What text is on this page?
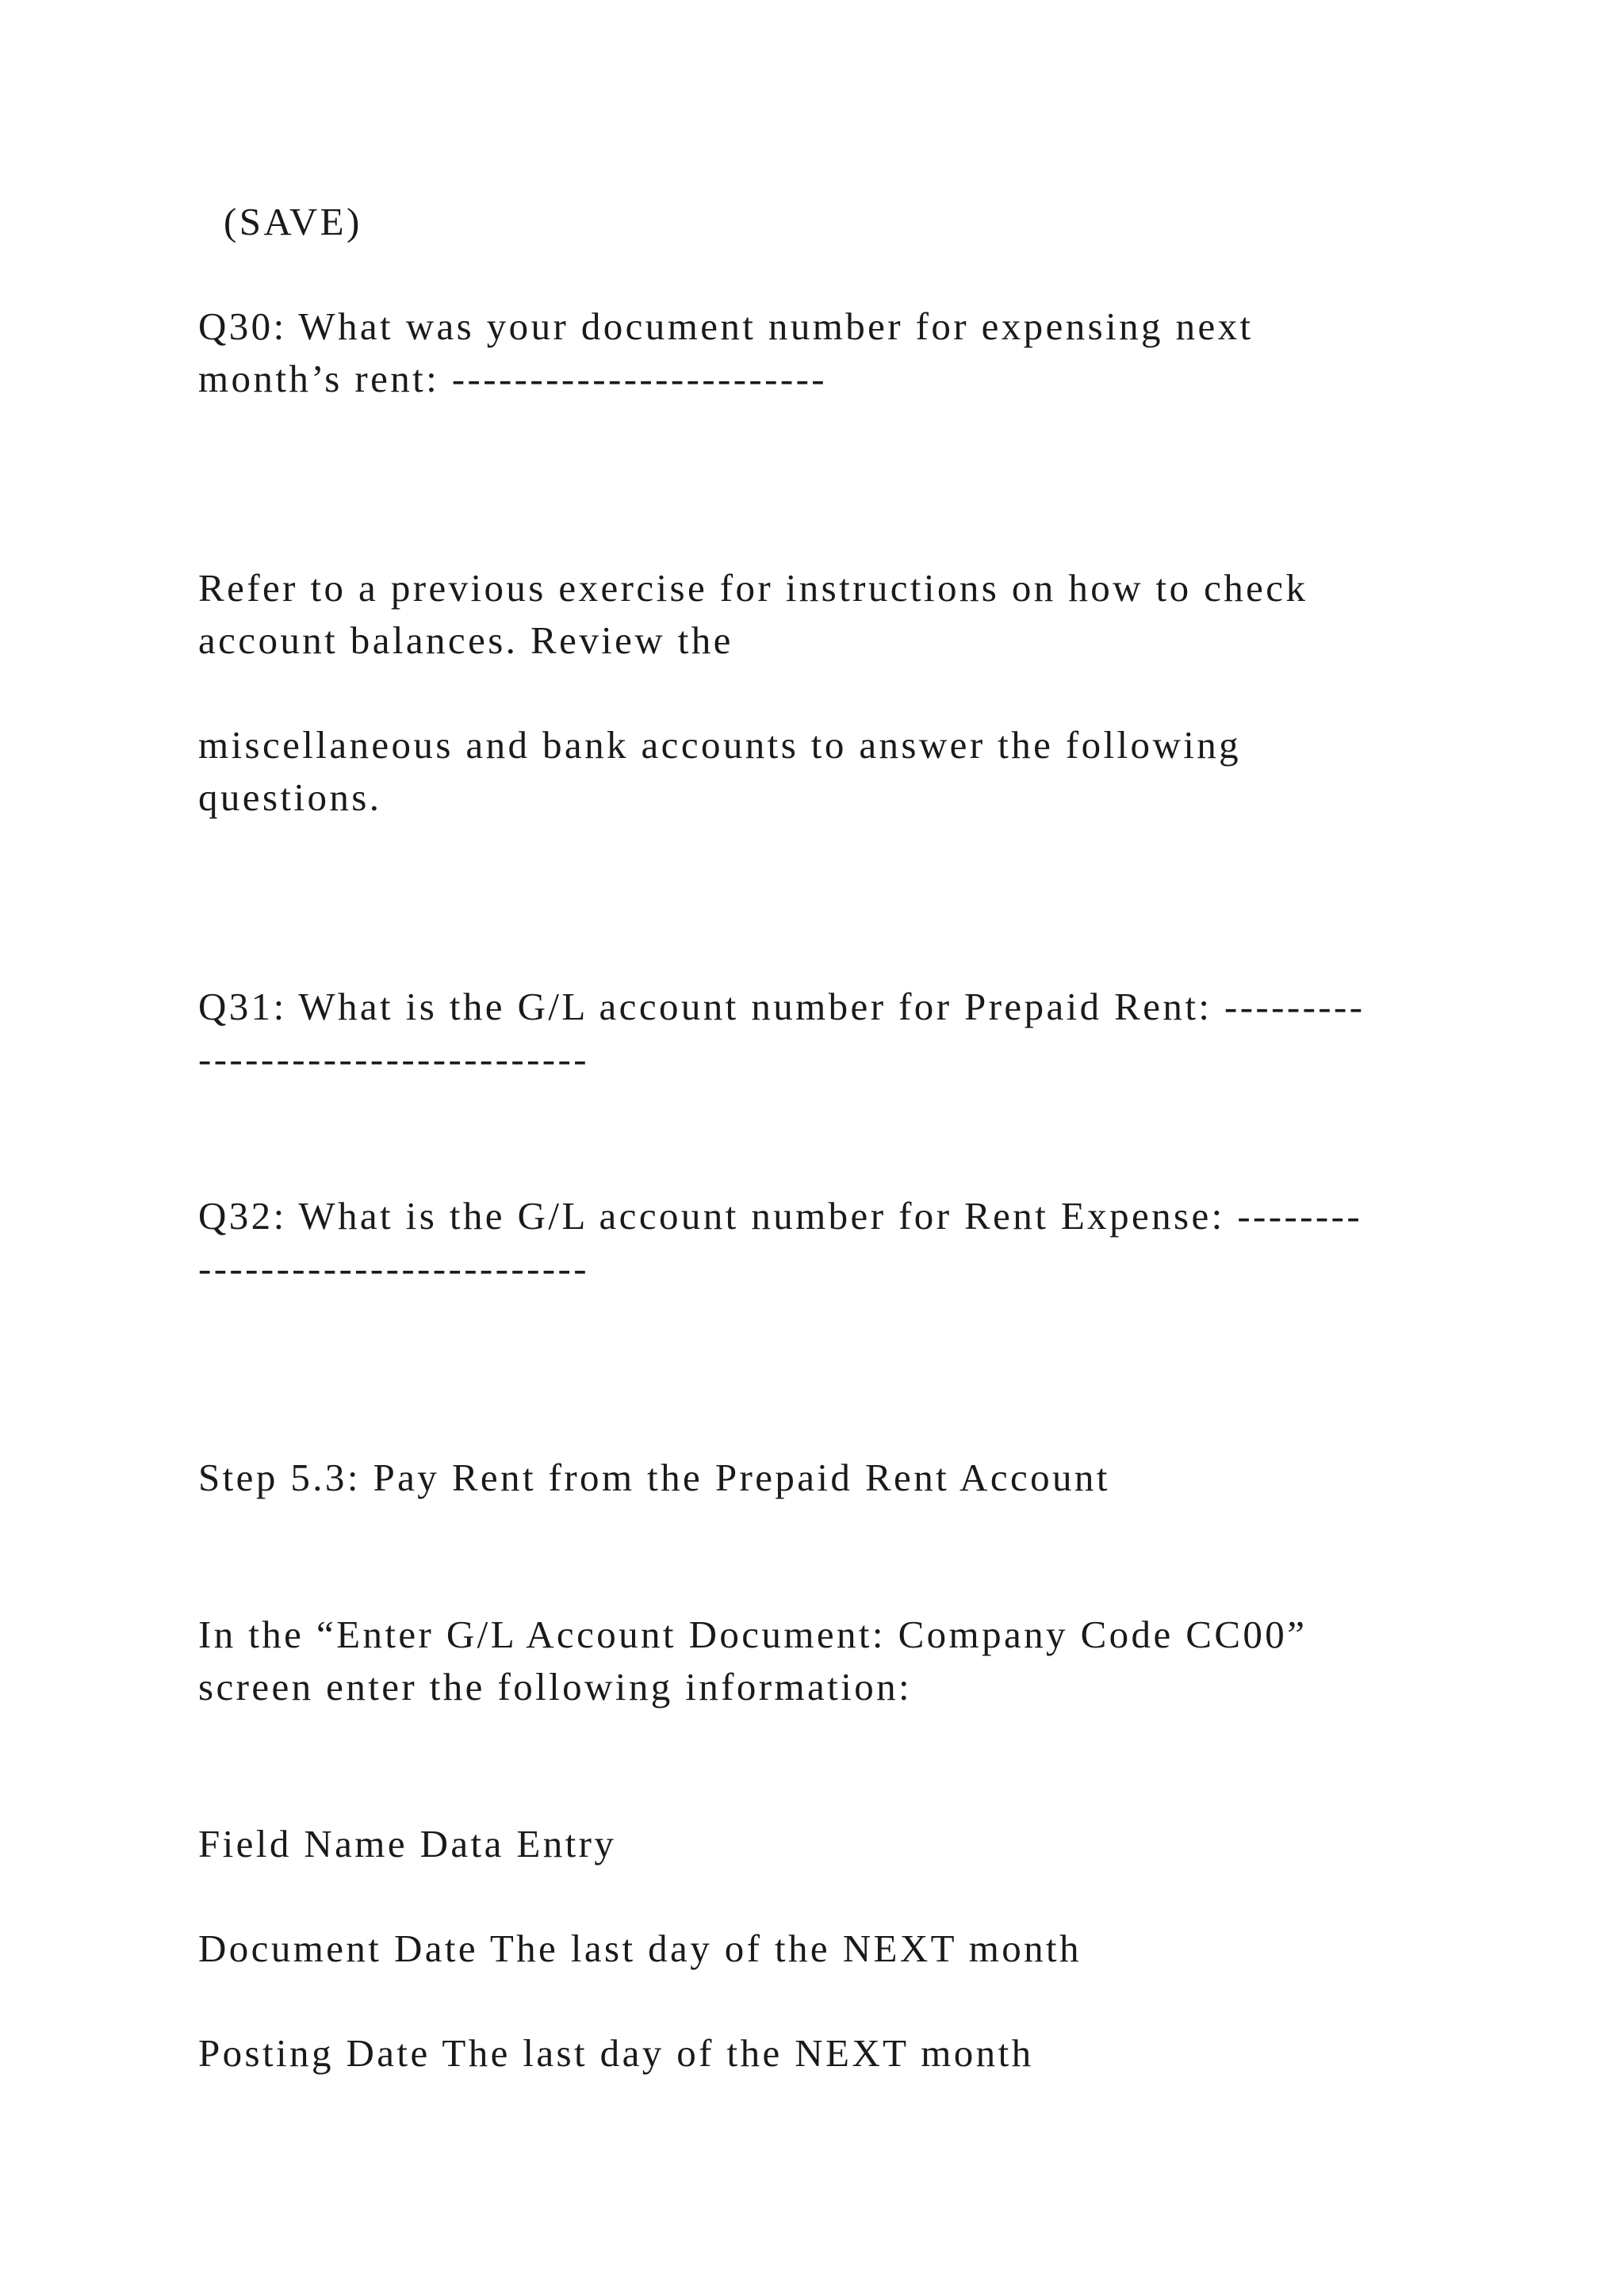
(SAVE)

Q30: What was your document number for expensing next

month’s rent: ------------------------

Refer to a previous exercise for instructions on how to check

account balances. Review the

miscellaneous and bank accounts to answer the following

questions.

Q31: What is the G/L account number for Prepaid Rent: ---------

-------------------------

Q32: What is the G/L account number for Rent Expense: --------

-------------------------

Step 5.3: Pay Rent from the Prepaid Rent Account

In the “Enter G/L Account Document: Company Code CC00”

screen enter the following information:

Field Name Data Entry

Document Date The last day of the NEXT month

Posting Date The last day of the NEXT month
